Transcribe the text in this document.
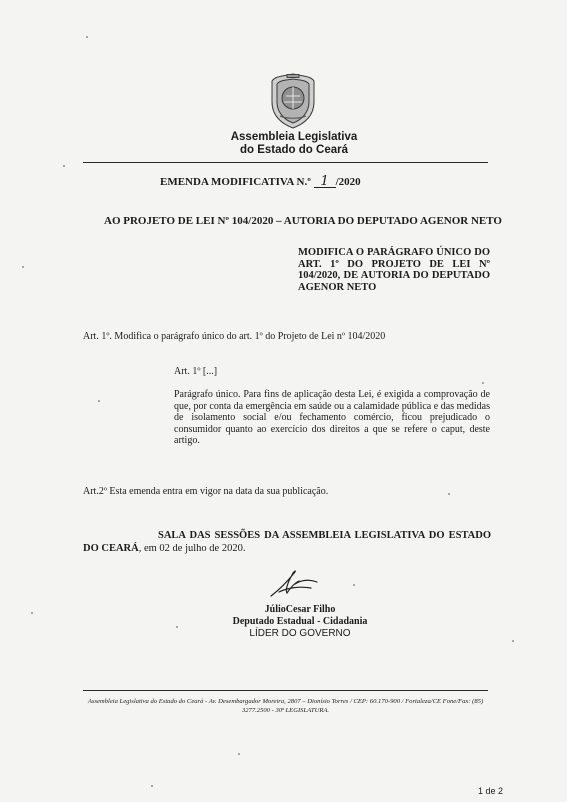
Assembleia Legislativa
do Estado do Ceará
EMENDA MODIFICATIVA N.º 1 /2020
AO PROJETO DE LEI Nº 104/2020 – AUTORIA DO DEPUTADO AGENOR NETO
MODIFICA O PARÁGRAFO ÚNICO DO ART. 1º DO PROJETO DE LEI Nº 104/2020, DE AUTORIA DO DEPUTADO AGENOR NETO
Art. 1º. Modifica o parágrafo único do art. 1º do Projeto de Lei nº 104/2020
Art. 1º [...]
Parágrafo único. Para fins de aplicação desta Lei, é exigida a comprovação de que, por conta da emergência em saúde ou a calamidade pública e das medidas de isolamento social e/ou fechamento comércio, ficou prejudicado o consumidor quanto ao exercício dos direitos a que se refere o caput, deste artigo.
Art.2º Esta emenda entra em vigor na data da sua publicação.
SALA DAS SESSÕES DA ASSEMBLEIA LEGISLATIVA DO ESTADO DO CEARÁ, em 02 de julho de 2020.
JúlioCesar Filho
Deputado Estadual - Cidadania
LÍDER DO GOVERNO
Assembleia Legislativa do Estado do Ceará - Av. Desembargador Moreira, 2807 – Dionísio Torres / CEP: 60.170-900 / Fortaleza/CE Fone/Fax: (85)
3277.2500 - 30ª LEGISLATURA.
1 de 2
